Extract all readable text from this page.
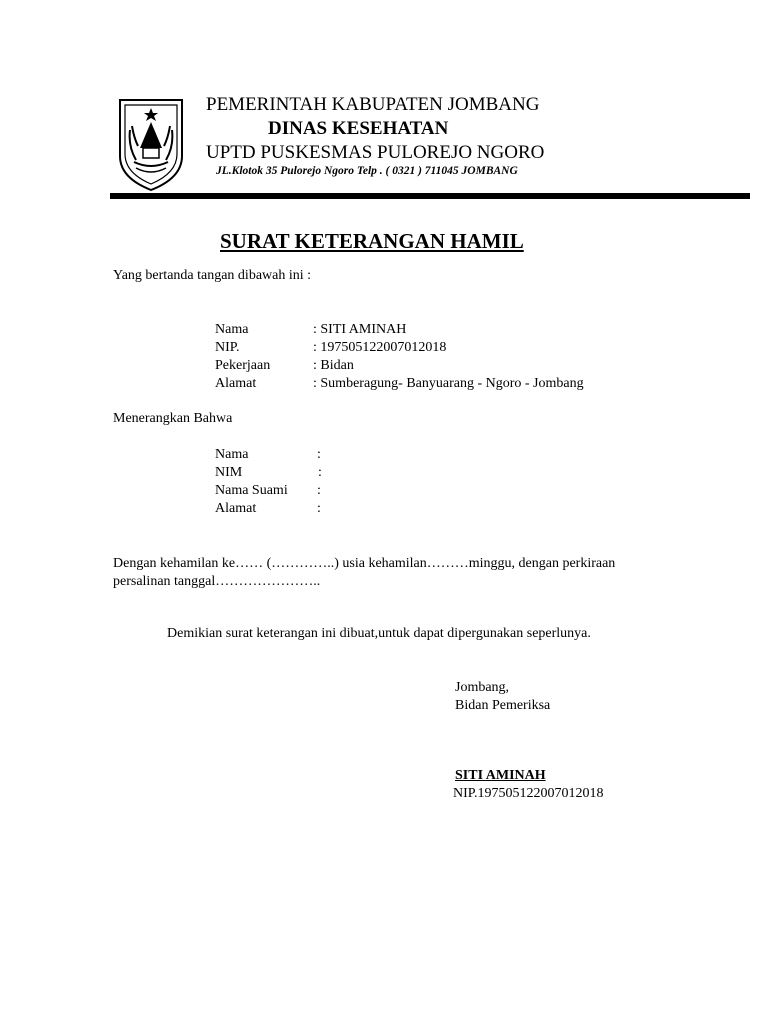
PEMERINTAH KABUPATEN JOMBANG
DINAS KESEHATAN
UPTD PUSKESMAS PULOREJO NGORO
JL.Klotok 35 Pulorejo Ngoro Telp . ( 0321 ) 711045 JOMBANG
SURAT KETERANGAN HAMIL
Yang bertanda tangan dibawah ini :
Nama	: SITI AMINAH
NIP.	: 197505122007012018
Pekerjaan	: Bidan
Alamat	: Sumberagung- Banyuarang - Ngoro - Jombang
Menerangkan Bahwa
Nama	:
NIM	:
Nama Suami :
Alamat	:
Dengan kehamilan ke…… (…………..) usia kehamilan………minggu, dengan perkiraan
persalinan tanggal…………………..
Demikian surat keterangan ini dibuat,untuk dapat dipergunakan seperlunya.
Jombang,
Bidan Pemeriksa
SITI AMINAH
NIP.197505122007012018
